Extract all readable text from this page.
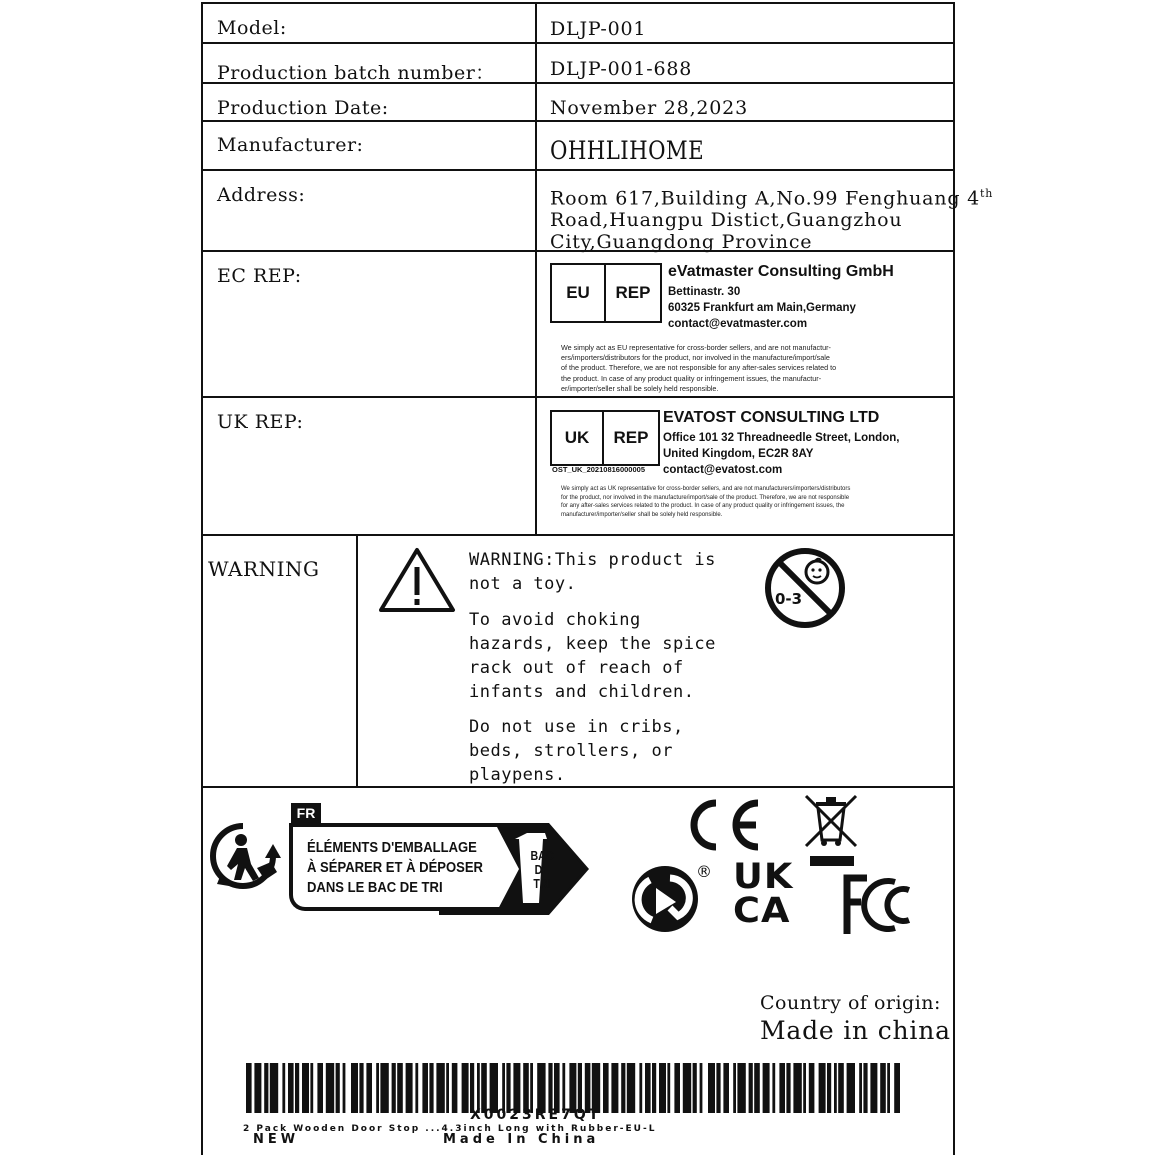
Model:	DLJP-001
Production batch number：	DLJP-001-688
Production Date:	November 28,2023
Manufacturer:	OHHLIHOME
Address:	Room 617,Building A,No.99 Fenghuang 4th
Road,Huangpu Distict,Guangzhou
City,Guangdong Province
EC REP:
EU	REP
eVatmaster Consulting GmbH
Bettinastr. 30
60325 Frankfurt am Main,Germany
contact@evatmaster.com
We simply act as EU representative for cross-border sellers, and are not manufactur-
ers/importers/distributors for the product, nor involved in the manufacture/import/sale
of the product. Therefore, we are not responsible for any after-sales services related to
the product. In case of any product quality or infringement issues, the manufactur-
er/importer/seller shall be solely held responsible.
UK REP:
UK	REP
OST_UK_20210816000005
EVATOST CONSULTING LTD
Office 101 32 Threadneedle Street, London,
United Kingdom, EC2R 8AY
contact@evatost.com
We simply act as UK representative for cross-border sellers, and are not manufacturers/importers/distributors
for the product, nor involved in the manufacture/import/sale of the product. Therefore, we are not responsible
for any after-sales services related to the product. In case of any product quality or infringement issues, the
manufacturer/importer/seller shall be solely held responsible.
WARNING	WARNING:This product is
not a toy.
To avoid choking
hazards, keep the spice
rack out of reach of
infants and children.
Do not use in cribs,
beds, strollers, or
playpens.
0-3
FR
ÉLÉMENTS D'EMBALLAGE
À SÉPARER ET À DÉPOSER
DANS LE BAC DE TRI
BAC
DE
TRI
® UK
CA
Country of origin:
Made in china
X0023RE7QT
2 Pack Wooden Door Stop ...4.3inch Long with Rubber-EU-L
NEW	Made In China
